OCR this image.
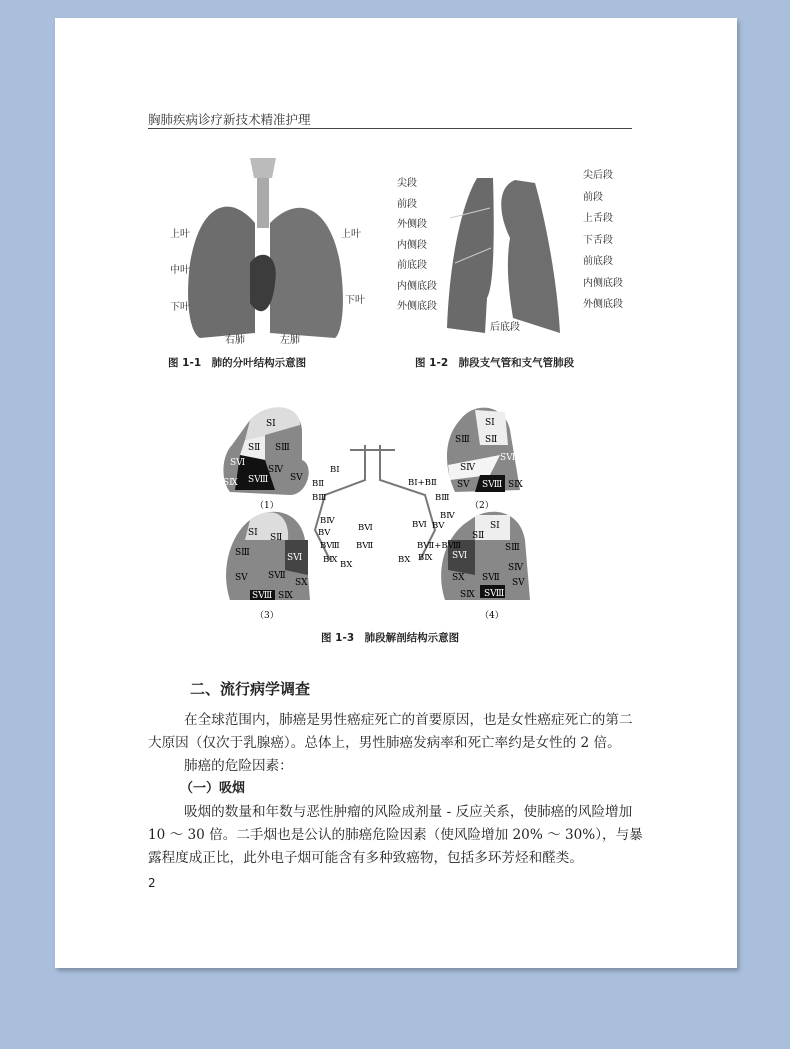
胸肺疾病诊疗新技术精准护理
上叶
中叶
下叶
上叶
下叶
右肺	左肺
图 1-1　肺的分叶结构示意图
尖段
前段
外侧段
内侧段
前底段
内侧底段
外侧底段
后底段
尖后段
前段
上舌段
下舌段
前底段
内侧底段
外侧底段
图 1-2　肺段支气管和支气管肺段
SⅠ
SⅡ SⅢ
SⅥ
SⅣ
SⅤ
SⅨ SⅧ
（1）
SⅠ
SⅢ SⅡ
SⅥ
SⅣ
SⅤ SⅧ SⅨ
（2）
SⅠ SⅡ
SⅢ	SⅥ
SⅤ SⅦ
SⅩ
SⅧ SⅨ
（3）
SⅠ
SⅡ
SⅢ
SⅥ
SⅣ
SⅩ SⅦ SⅤ
SⅨ SⅧ
（4）
BⅠ
BⅡ
BⅢ
BⅣ
BⅤ	BⅥ
BⅦ
BⅧ
BⅨ BⅩ
BⅠ+BⅡ
BⅢ
BⅣ
BⅤ
BⅥ
BⅦ+BⅧ
BⅩ BⅨ
图 1-3　肺段解剖结构示意图
二、流行病学调查
在全球范围内，肺癌是男性癌症死亡的首要原因，也是女性癌症死亡的第二
大原因（仅次于乳腺癌）。总体上，男性肺癌发病率和死亡率约是女性的 2 倍。
肺癌的危险因素：
（一）吸烟
吸烟的数量和年数与恶性肿瘤的风险成剂量 - 反应关系，使肺癌的风险增加
10 ～ 30 倍。二手烟也是公认的肺癌危险因素（使风险增加 20% ～ 30%），与暴
露程度成正比，此外电子烟可能含有多种致癌物，包括多环芳烃和醛类。
2
